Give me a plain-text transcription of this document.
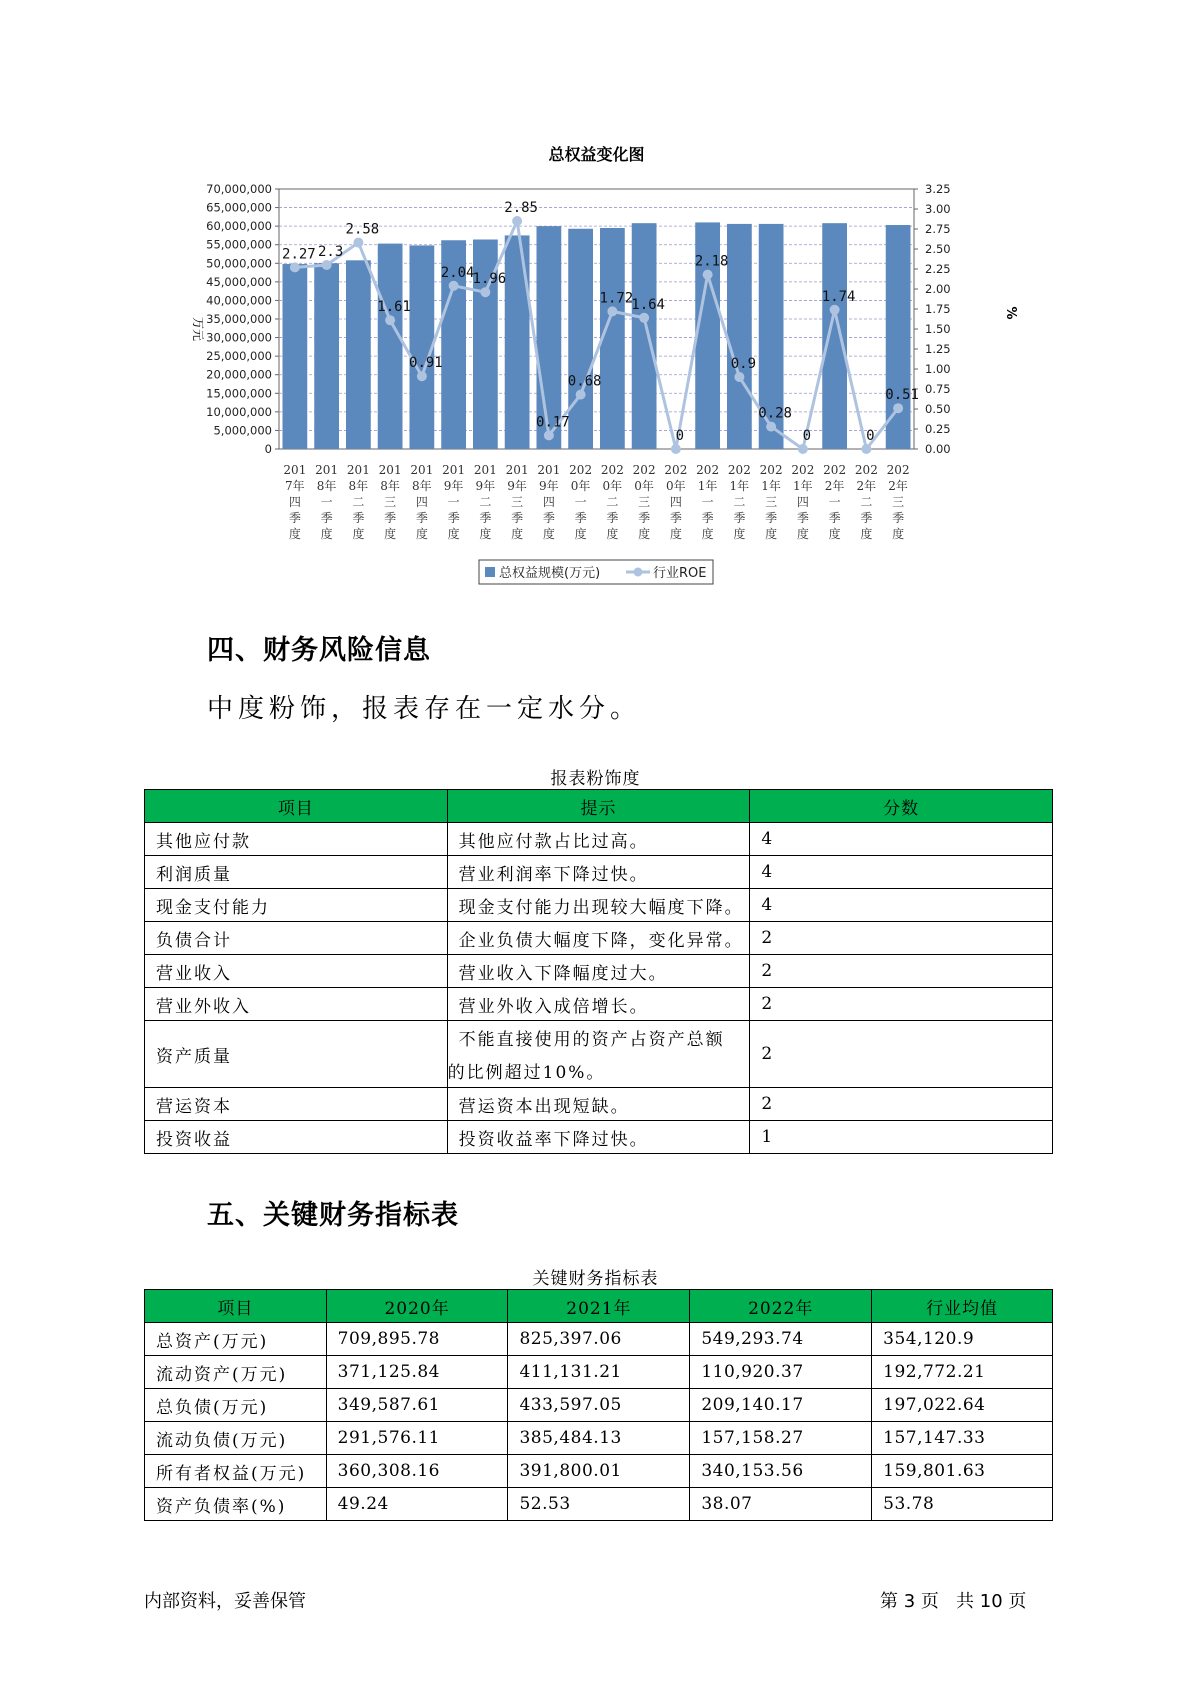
总权益变化图
0
5,000,000
10,000,000
15,000,000
20,000,000
25,000,000
30,000,000
35,000,000
40,000,000
45,000,000
50,000,000
55,000,000
60,000,000
65,000,000
70,000,000
0.00
0.25
0.50
0.75
1.00
1.25
1.50
1.75
2.00
2.25
2.50
2.75
3.00
3.25
万元
%
2.27 2.3
2.58
1.61
0.91
2.04
1.96
2.85
0.17
0.68
1.72
1.64
0
2.18
0.9
0.28
0
1.74
0
0.51
201
7年
四
季
度
201
8年
一
季
度
201
8年
二
季
度
201
8年
三
季
度
201
8年
四
季
度
201
9年
一
季
度
201
9年
二
季
度
201
9年
三
季
度
201
9年
四
季
度
202
0年
一
季
度
202
0年
二
季
度
202
0年
三
季
度
202
0年
四
季
度
202
1年
一
季
度
202
1年
二
季
度
202
1年
三
季
度
202
1年
四
季
度
202
2年
一
季
度
202
2年
二
季
度
202
2年
三
季
度
总权益规模(万元)	行业ROE
四、财务风险信息
中度粉饰，报表存在一定水分。
报表粉饰度
项目	提示	分数
其他应付款	其他应付款占比过高。	4
利润质量	营业利润率下降过快。	4
现金支付能力	现金支付能力出现较大幅度下降。	4
负债合计	企业负债大幅度下降，变化异常。	2
营业收入	营业收入下降幅度过大。	2
营业外收入	营业外收入成倍增长。	2
资产质量	不能直接使用的资产占资产总额
的比例超过10%。	2
营运资本	营运资本出现短缺。	2
投资收益	投资收益率下降过快。	1
五、关键财务指标表
关键财务指标表
项目	2020年	2021年	2022年	行业均值
总资产(万元)	709,895.78	825,397.06	549,293.74	354,120.9
流动资产(万元)	371,125.84	411,131.21	110,920.37	192,772.21
总负债(万元)	349,587.61	433,597.05	209,140.17	197,022.64
流动负债(万元)	291,576.11	385,484.13	157,158.27	157,147.33
所有者权益(万元)	360,308.16	391,800.01	340,153.56	159,801.63
资产负债率(%)	49.24	52.53	38.07	53.78
内部资料，妥善保管	第 3 页   共 10 页
